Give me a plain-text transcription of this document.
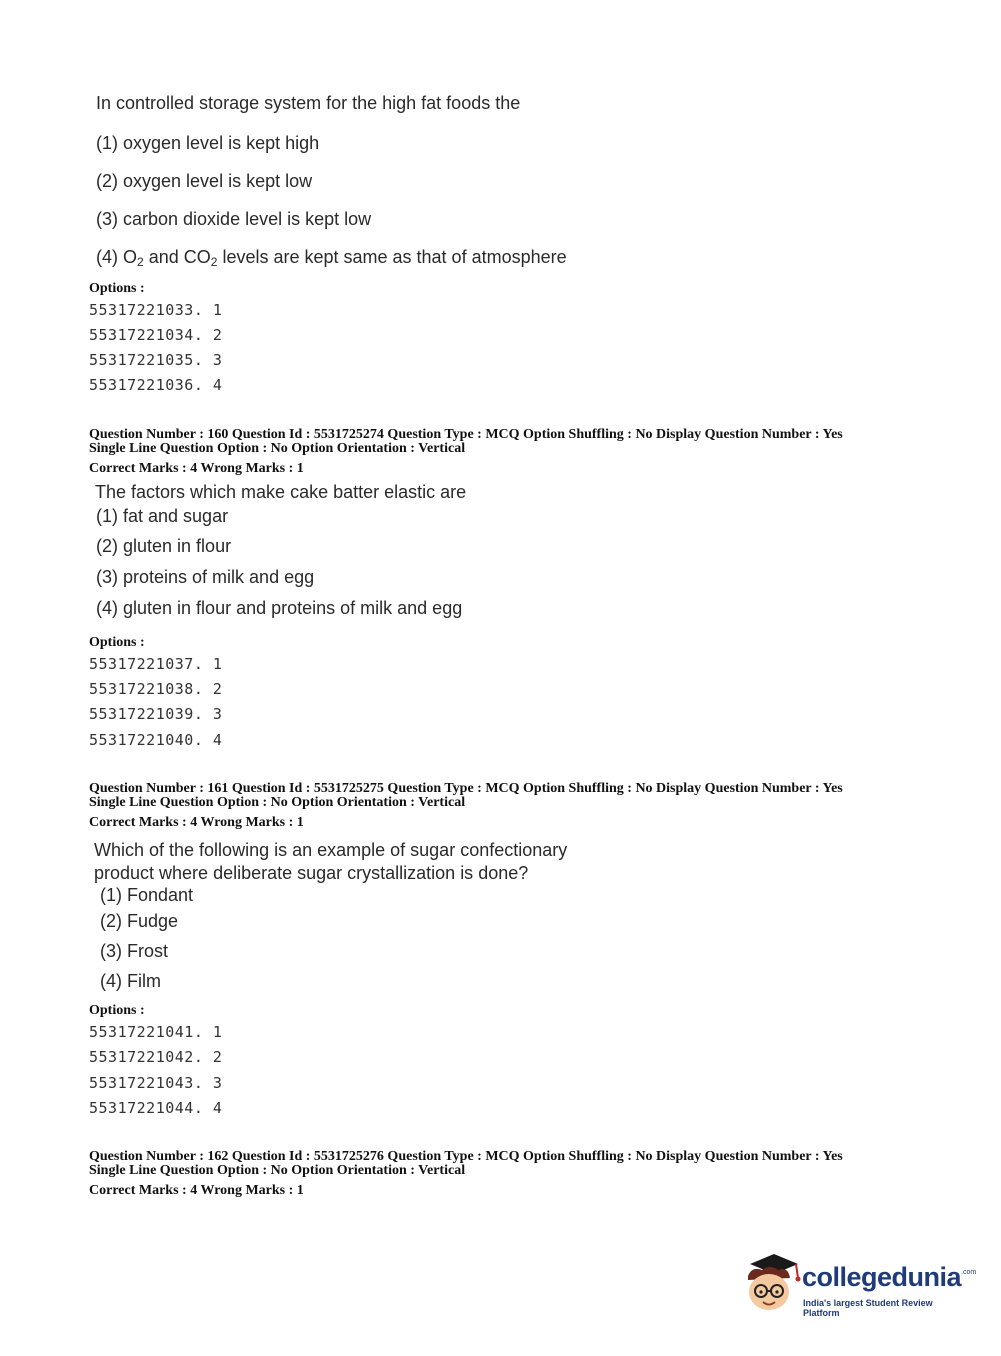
In controlled storage system for the high fat foods the
(1) oxygen level is kept high
(2) oxygen level is kept low
(3) carbon dioxide level is kept low
(4) $O_2$ and $CO_2$ levels are kept same as that of atmosphere
Options :
55317221033. 1
55317221034. 2
55317221035. 3
55317221036. 4
Question Number : 160 Question Id : 5531725274 Question Type : MCQ Option Shuffling : No Display Question Number : Yes
Single Line Question Option : No Option Orientation : Vertical
Correct Marks : 4 Wrong Marks : 1
The factors which make cake batter elastic are
(1) fat and sugar
(2) gluten in flour
(3) proteins of milk and egg
(4) gluten in flour and proteins of milk and egg
Options :
55317221037. 1
55317221038. 2
55317221039. 3
55317221040. 4
Question Number : 161 Question Id : 5531725275 Question Type : MCQ Option Shuffling : No Display Question Number : Yes
Single Line Question Option : No Option Orientation : Vertical
Correct Marks : 4 Wrong Marks : 1
Which of the following is an example of sugar confectionary
product where deliberate sugar crystallization is done?
(1) Fondant
(2) Fudge
(3) Frost
(4) Film
Options :
55317221041. 1
55317221042. 2
55317221043. 3
55317221044. 4
Question Number : 162 Question Id : 5531725276 Question Type : MCQ Option Shuffling : No Display Question Number : Yes
Single Line Question Option : No Option Orientation : Vertical
Correct Marks : 4 Wrong Marks : 1
collegedunia$^{.com}$
India's largest Student Review Platform
